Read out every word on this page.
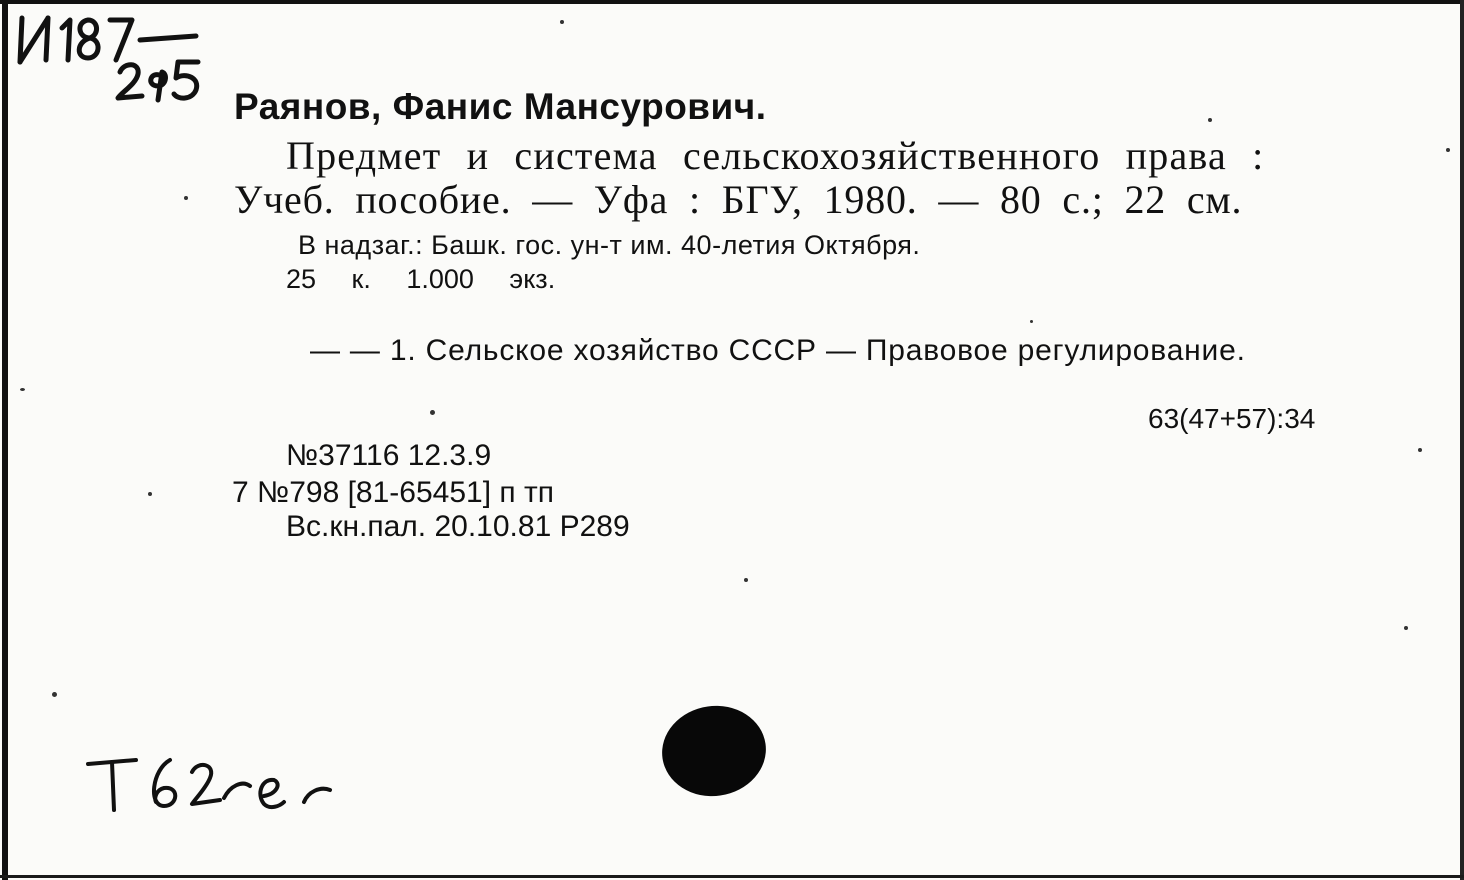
Раянов, Фанис Мансурович.
Предмет и система сельскохозяйственного права :
Учеб. пособие. — Уфа : БГУ, 1980. — 80 с.; 22 см.
В надзаг.: Башк. гос. ун-т им. 40-летия Октября.
25 к. 1.000 экз.
— — 1. Сельское хозяйство СССР — Правовое регулирование.
63(47+57):34
№37116 12.3.9
7 №798 [81-65451] п тп
Вс.кн.пал. 20.10.81 Р289
